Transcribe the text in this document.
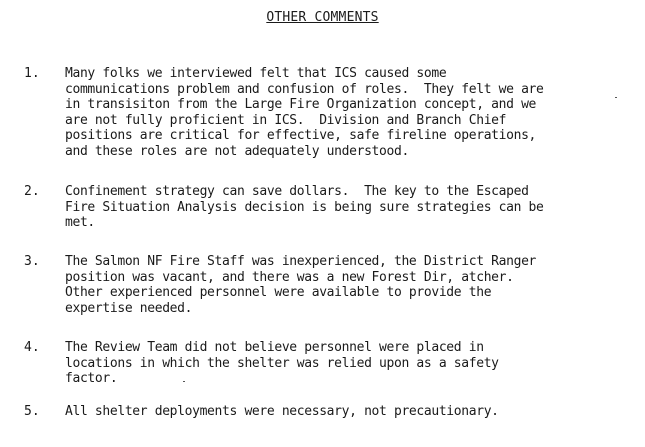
OTHER COMMENTS
1. Many folks we interviewed felt that ICS caused some
communications problem and confusion of roles.  They felt we are
in transisiton from the Large Fire Organization concept, and we
are not fully proficient in ICS.  Division and Branch Chief
positions are critical for effective, safe fireline operations,
and these roles are not adequately understood.
2. Confinement strategy can save dollars.  The key to the Escaped
Fire Situation Analysis decision is being sure strategies can be
met.
3. The Salmon NF Fire Staff was inexperienced, the District Ranger
position was vacant, and there was a new Forest Dir, atcher.
Other experienced personnel were available to provide the
expertise needed.
4. The Review Team did not believe personnel were placed in
locations in which the shelter was relied upon as a safety
factor.
5. All shelter deployments were necessary, not precautionary.
